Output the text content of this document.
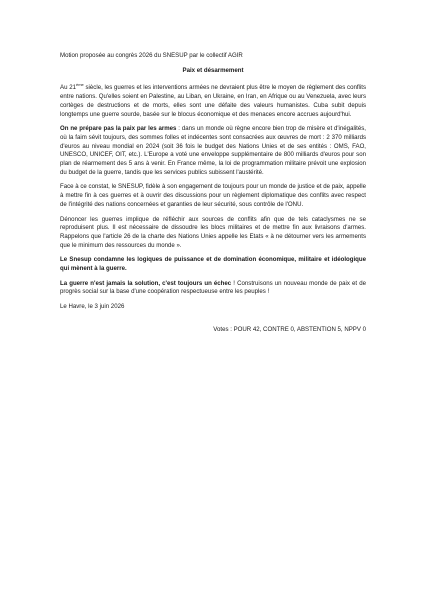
Motion proposée au congrès 2026 du SNESUP par le collectif AGIR

Paix et désarmement

Au 21ème siècle, les guerres et les interventions armées ne devraient plus être le moyen de règlement des conflits entre nations. Qu'elles soient en Palestine, au Liban, en Ukraine, en Iran, en Afrique ou au Venezuela, avec leurs cortèges de destructions et de morts, elles sont une défaite des valeurs humanistes. Cuba subit depuis longtemps une guerre sourde, basée sur le blocus économique et des menaces encore accrues aujourd'hui.

On ne prépare pas la paix par les armes : dans un monde où règne encore bien trop de misère et d'inégalités, où la faim sévit toujours, des sommes folles et indécentes sont consacrées aux œuvres de mort : 2 370 milliards d'euros au niveau mondial en 2024 (soit 36 fois le budget des Nations Unies et de ses entités : OMS, FAO, UNESCO, UNICEF, OIT, etc.). L'Europe a voté une enveloppe supplémentaire de 800 milliards d'euros pour son plan de réarmement des 5 ans à venir. En France même, la loi de programmation militaire prévoit une explosion du budget de la guerre, tandis que les services publics subissent l'austérité.

Face à ce constat, le SNESUP, fidèle à son engagement de toujours pour un monde de justice et de paix, appelle à mettre fin à ces guerres et à ouvrir des discussions pour un règlement diplomatique des conflits avec respect de l'intégrité des nations concernées et garanties de leur sécurité, sous contrôle de l'ONU.

Dénoncer les guerres implique de réfléchir aux sources de conflits afin que de tels cataclysmes ne se reproduisent plus. Il est nécessaire de dissoudre les blocs militaires et de mettre fin aux livraisons d'armes. Rappelons que l'article 26 de la charte des Nations Unies appelle les Etats « à ne détourner vers les armements que le minimum des ressources du monde ».

Le Snesup condamne les logiques de puissance et de domination économique, militaire et idéologique qui mènent à la guerre.

La guerre n'est jamais la solution, c'est toujours un échec ! Construisons un nouveau monde de paix et de progrès social sur la base d'une coopération respectueuse entre les peuples !

Le Havre, le 3 juin 2026

Votes : POUR 42, CONTRE 0, ABSTENTION 5, NPPV 0
